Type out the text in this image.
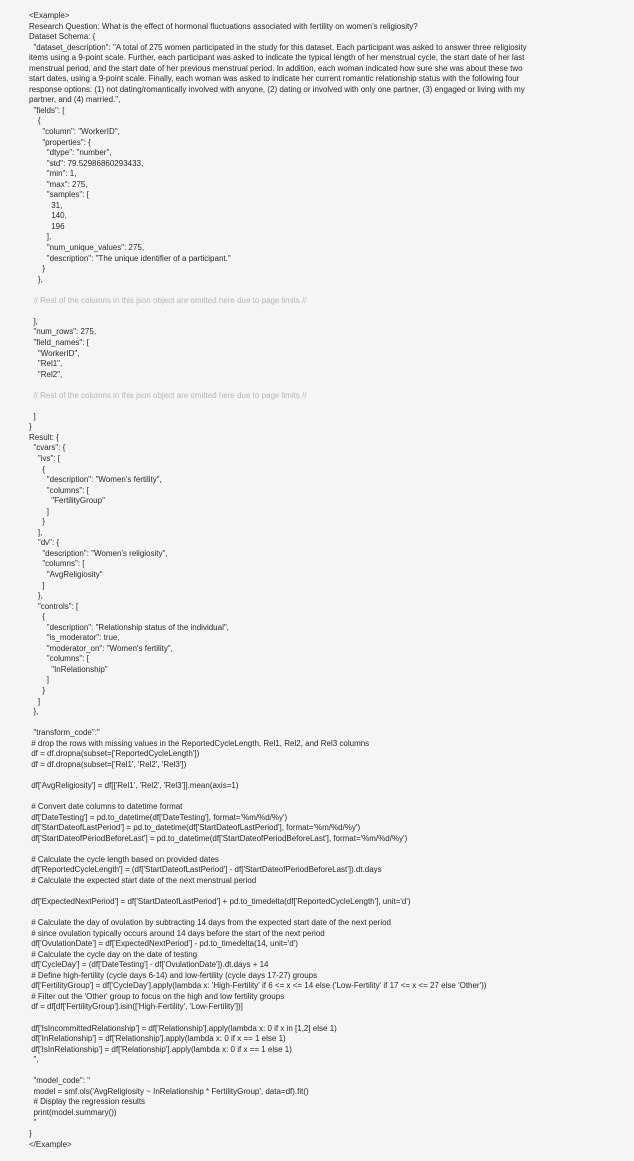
<Example>
Research Question: What is the effect of hormonal fluctuations associated with fertility on women's religiosity?
Dataset Schema: {
"dataset_description": "A total of 275 women participated in the study for this dataset. Each participant was asked to answer three religiosity
items using a 9-point scale. Further, each participant was asked to indicate the typical length of her menstrual cycle, the start date of her last
menstrual period, and the start date of her previous menstrual period. In addition, each woman indicated how sure she was about these two
start dates, using a 9-point scale. Finally, each woman was asked to indicate her current romantic relationship status with the following four
response options: (1) not dating/romantically involved with anyone, (2) dating or involved with only one partner, (3) engaged or living with my
partner, and (4) married.",
"fields": [
{
"column": "WorkerID",
"properties": {
"dtype": "number",
"std": 79.52986860293433,
"min": 1,
"max": 275,
"samples": [
31,
140,
196
],
"num_unique_values": 275,
"description": "The unique identifier of a participant."
}
},

// Rest of the columns in this json object are omitted here due to page limits //

],
"num_rows": 275,
"field_names": [
"WorkerID",
"Rel1",
"Rel2",

// Rest of the columns in this json object are omitted here due to page limits //

]
}
Result: {
"cvars": {
"ivs": [
{
"description": "Women's fertility",
"columns": [
"FertilityGroup"
]
}
],
"dv": {
"description": "Women's religiosity",
"columns": [
"AvgReligiosity"
]
},
"controls": [
{
"description": "Relationship status of the individual",
"is_moderator": true,
"moderator_on": "Women's fertility",
"columns": [
"InRelationship"
]
}
]
},

"transform_code":"
# drop the rows with missing values in the ReportedCycleLength, Rel1, Rel2, and Rel3 columns
df = df.dropna(subset=['ReportedCycleLength'])
df = df.dropna(subset=['Rel1', 'Rel2', 'Rel3'])

df['AvgReligiosity'] = df[['Rel1', 'Rel2', 'Rel3']].mean(axis=1)

# Convert date columns to datetime format
df['DateTesting'] = pd.to_datetime(df['DateTesting'], format='%m/%d/%y')
df['StartDateofLastPeriod'] = pd.to_datetime(df['StartDateofLastPeriod'], format='%m/%d/%y')
df['StartDateofPeriodBeforeLast'] = pd.to_datetime(df['StartDateofPeriodBeforeLast'], format='%m/%d/%y')

# Calculate the cycle length based on provided dates
df['ReportedCycleLength'] = (df['StartDateofLastPeriod'] - df['StartDateofPeriodBeforeLast']).dt.days
# Calculate the expected start date of the next menstrual period

df['ExpectedNextPeriod'] = df['StartDateofLastPeriod'] + pd.to_timedelta(df['ReportedCycleLength'], unit='d')

# Calculate the day of ovulation by subtracting 14 days from the expected start date of the next period
# since ovulation typically occurs around 14 days before the start of the next period
df['OvulationDate'] = df['ExpectedNextPeriod'] - pd.to_timedelta(14, unit='d')
# Calculate the cycle day on the date of testing
df['CycleDay'] = (df['DateTesting'] - df['OvulationDate']).dt.days + 14
# Define high-fertility (cycle days 6-14) and low-fertility (cycle days 17-27) groups
df['FertilityGroup'] = df['CycleDay'].apply(lambda x: 'High-Fertility' if 6 <= x <= 14 else ('Low-Fertility' if 17 <= x <= 27 else 'Other'))
# Filter out the 'Other' group to focus on the high and low fertility groups
df = df[df['FertilityGroup'].isin(['High-Fertility', 'Low-Fertility'])]

df['IsIncommittedRelationship'] = df['Relationship'].apply(lambda x: 0 if x in [1,2] else 1)
df['InRelationship'] = df['Relationship'].apply(lambda x: 0 if x == 1 else 1)
df['IsInRelationship'] = df['Relationship'].apply(lambda x: 0 if x == 1 else 1)
",

"model_code": "
model = smf.ols('AvgReligiosity ~ InRelationship * FertilityGroup', data=df).fit()
# Display the regression results
print(model.summary())
"
}
</Example>
